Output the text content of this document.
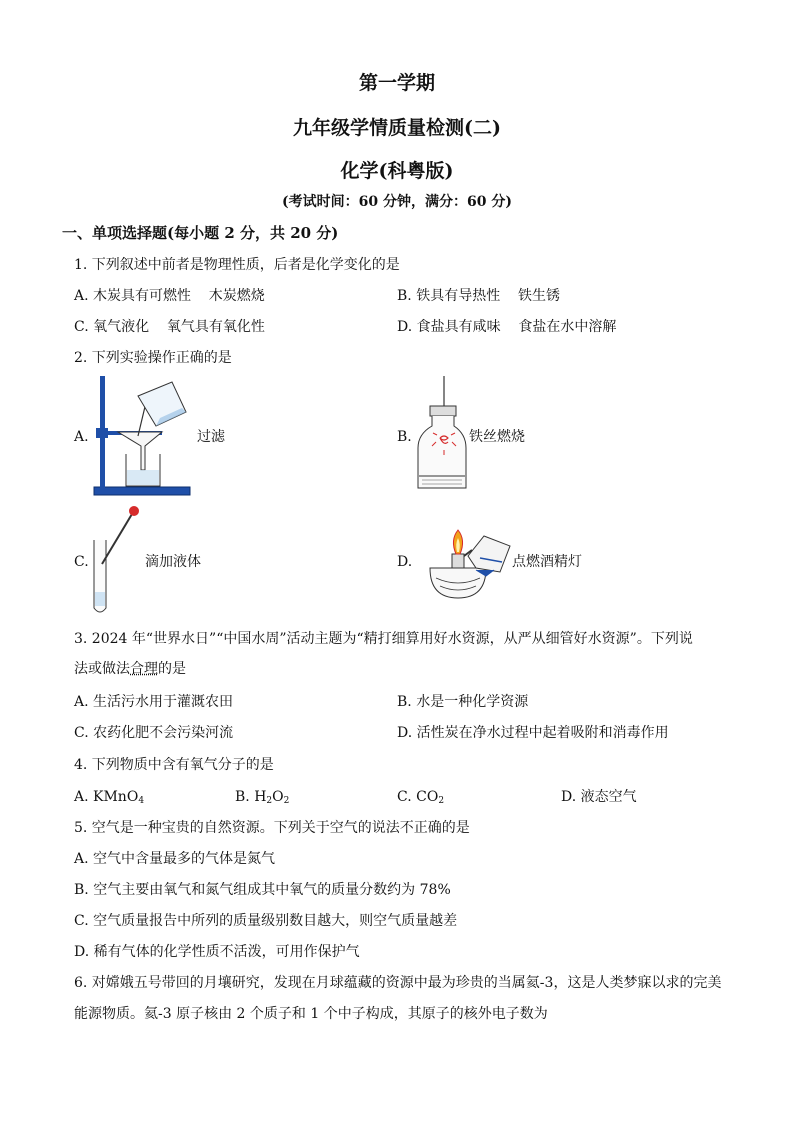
第一学期
九年级学情质量检测(二)
化学(科粤版)
(考试时间：60 分钟，满分：60 分)
一、单项选择题(每小题 2 分，共 20 分)
1. 下列叙述中前者是物理性质，后者是化学变化的是
A. 木炭具有可燃性    木炭燃烧	B. 铁具有导热性    铁生锈
C. 氧气液化    氧气具有氧化性	D. 食盐具有咸味    食盐在水中溶解
2. 下列实验操作正确的是
A.	过滤	B.	铁丝燃烧
C.	滴加液体	D.	点燃酒精灯
3. 2024 年“世界水日”“中国水周”活动主题为“精打细算用好水资源，从严从细管好水资源”。下列说
法或做法合理的是
A. 生活污水用于灌溉农田	B. 水是一种化学资源
C. 农药化肥不会污染河流	D. 活性炭在净水过程中起着吸附和消毒作用
4. 下列物质中含有氧气分子的是
A. KMnO$_4$	B. $H_2O_2$	C. $CO_2$	D. 液态空气
5. 空气是一种宝贵的自然资源。下列关于空气的说法不正确的是
A. 空气中含量最多的气体是氮气
B. 空气主要由氧气和氮气组成其中氧气的质量分数约为 78%
C. 空气质量报告中所列的质量级别数目越大，则空气质量越差
D. 稀有气体的化学性质不活泼，可用作保护气
6. 对嫦娥五号带回的月壤研究，发现在月球蕴藏的资源中最为珍贵的当属氦-3，这是人类梦寐以求的完美
能源物质。氦-3 原子核由 2 个质子和 1 个中子构成，其原子的核外电子数为
